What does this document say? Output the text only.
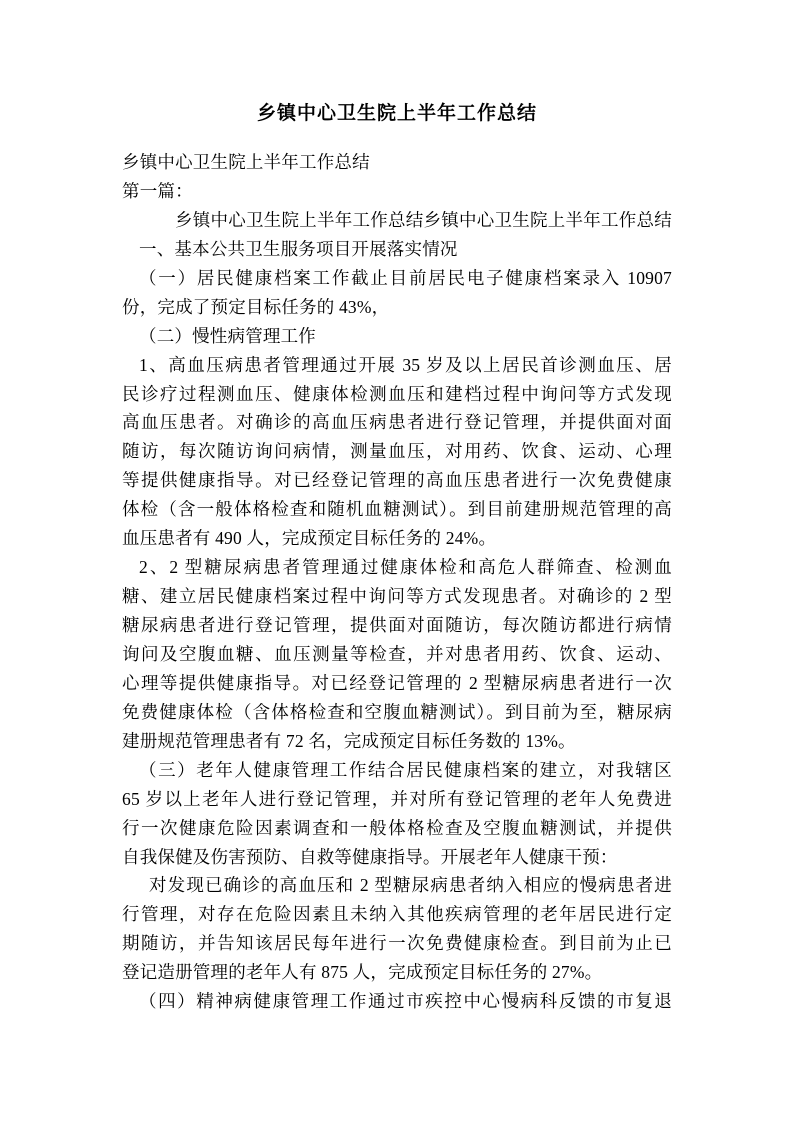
乡镇中心卫生院上半年工作总结
乡镇中心卫生院上半年工作总结
第一篇：
乡镇中心卫生院上半年工作总结乡镇中心卫生院上半年工作总结
一、基本公共卫生服务项目开展落实情况
（一）居民健康档案工作截止目前居民电子健康档案录入 10907
份，完成了预定目标任务的 43%，
（二）慢性病管理工作
1、高血压病患者管理通过开展 35 岁及以上居民首诊测血压、居
民诊疗过程测血压、健康体检测血压和建档过程中询问等方式发现
高血压患者。对确诊的高血压病患者进行登记管理，并提供面对面
随访，每次随访询问病情，测量血压，对用药、饮食、运动、心理
等提供健康指导。对已经登记管理的高血压患者进行一次免费健康
体检（含一般体格检查和随机血糖测试）。到目前建册规范管理的高
血压患者有 490 人，完成预定目标任务的 24%。
2、2 型糖尿病患者管理通过健康体检和高危人群筛查、检测血
糖、建立居民健康档案过程中询问等方式发现患者。对确诊的 2 型
糖尿病患者进行登记管理，提供面对面随访，每次随访都进行病情
询问及空腹血糖、血压测量等检查，并对患者用药、饮食、运动、
心理等提供健康指导。对已经登记管理的 2 型糖尿病患者进行一次
免费健康体检（含体格检查和空腹血糖测试）。到目前为至，糖尿病
建册规范管理患者有 72 名，完成预定目标任务数的 13%。
（三）老年人健康管理工作结合居民健康档案的建立，对我辖区
65 岁以上老年人进行登记管理，并对所有登记管理的老年人免费进
行一次健康危险因素调查和一般体格检查及空腹血糖测试，并提供
自我保健及伤害预防、自救等健康指导。开展老年人健康干预：
对发现已确诊的高血压和 2 型糖尿病患者纳入相应的慢病患者进
行管理，对存在危险因素且未纳入其他疾病管理的老年居民进行定
期随访，并告知该居民每年进行一次免费健康检查。到目前为止已
登记造册管理的老年人有 875 人，完成预定目标任务的 27%。
（四）精神病健康管理工作通过市疾控中心慢病科反馈的市复退
